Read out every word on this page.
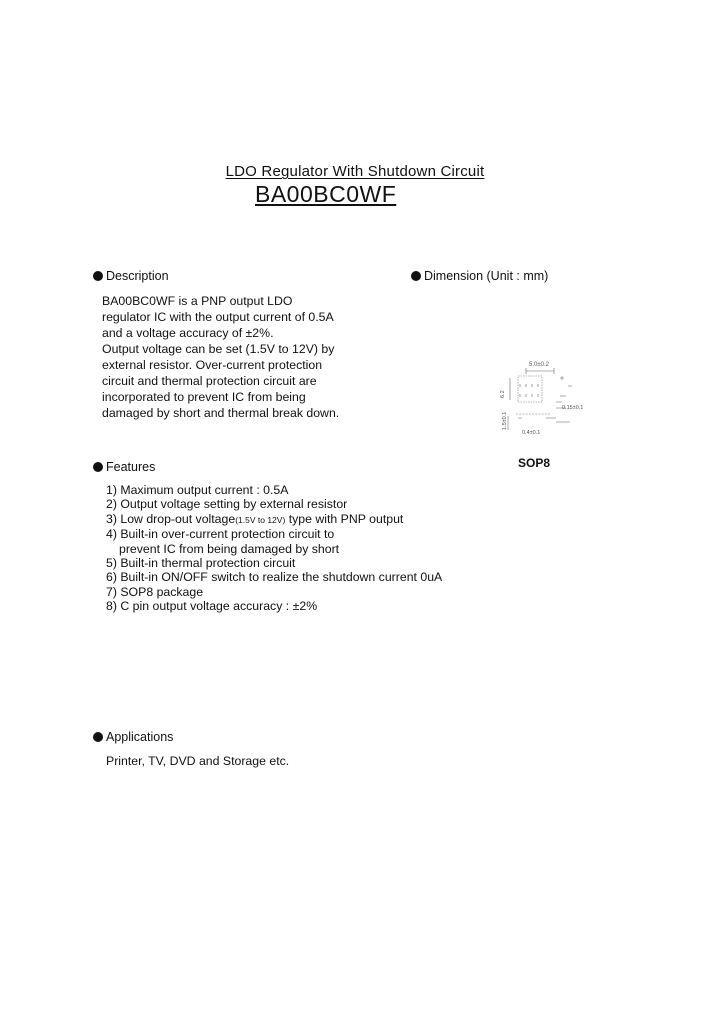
LDO Regulator With Shutdown Circuit
BA00BC0WF
Description
BA00BC0WF is a PNP output LDO
regulator IC with the output current of 0.5A
and a voltage accuracy of ±2%.
Output voltage can be set (1.5V to 12V) by
external resistor. Over-current protection
circuit and thermal protection circuit are
incorporated to prevent IC from being
damaged by short and thermal break down.
Dimension (Unit : mm)
5.0±0.2
6.2
0.15±0.1
1.5±0.1
0.4±0.1
SOP8
Features
1) Maximum output current : 0.5A
2) Output voltage setting by external resistor
3) Low drop-out voltage(1.5V to 12V) type with PNP output
4) Built-in over-current protection circuit to
prevent IC from being damaged by short
5) Built-in thermal protection circuit
6) Built-in ON/OFF switch to realize the shutdown current 0uA
7) SOP8 package
8) C pin output voltage accuracy : ±2%
Applications
Printer, TV, DVD and Storage etc.
